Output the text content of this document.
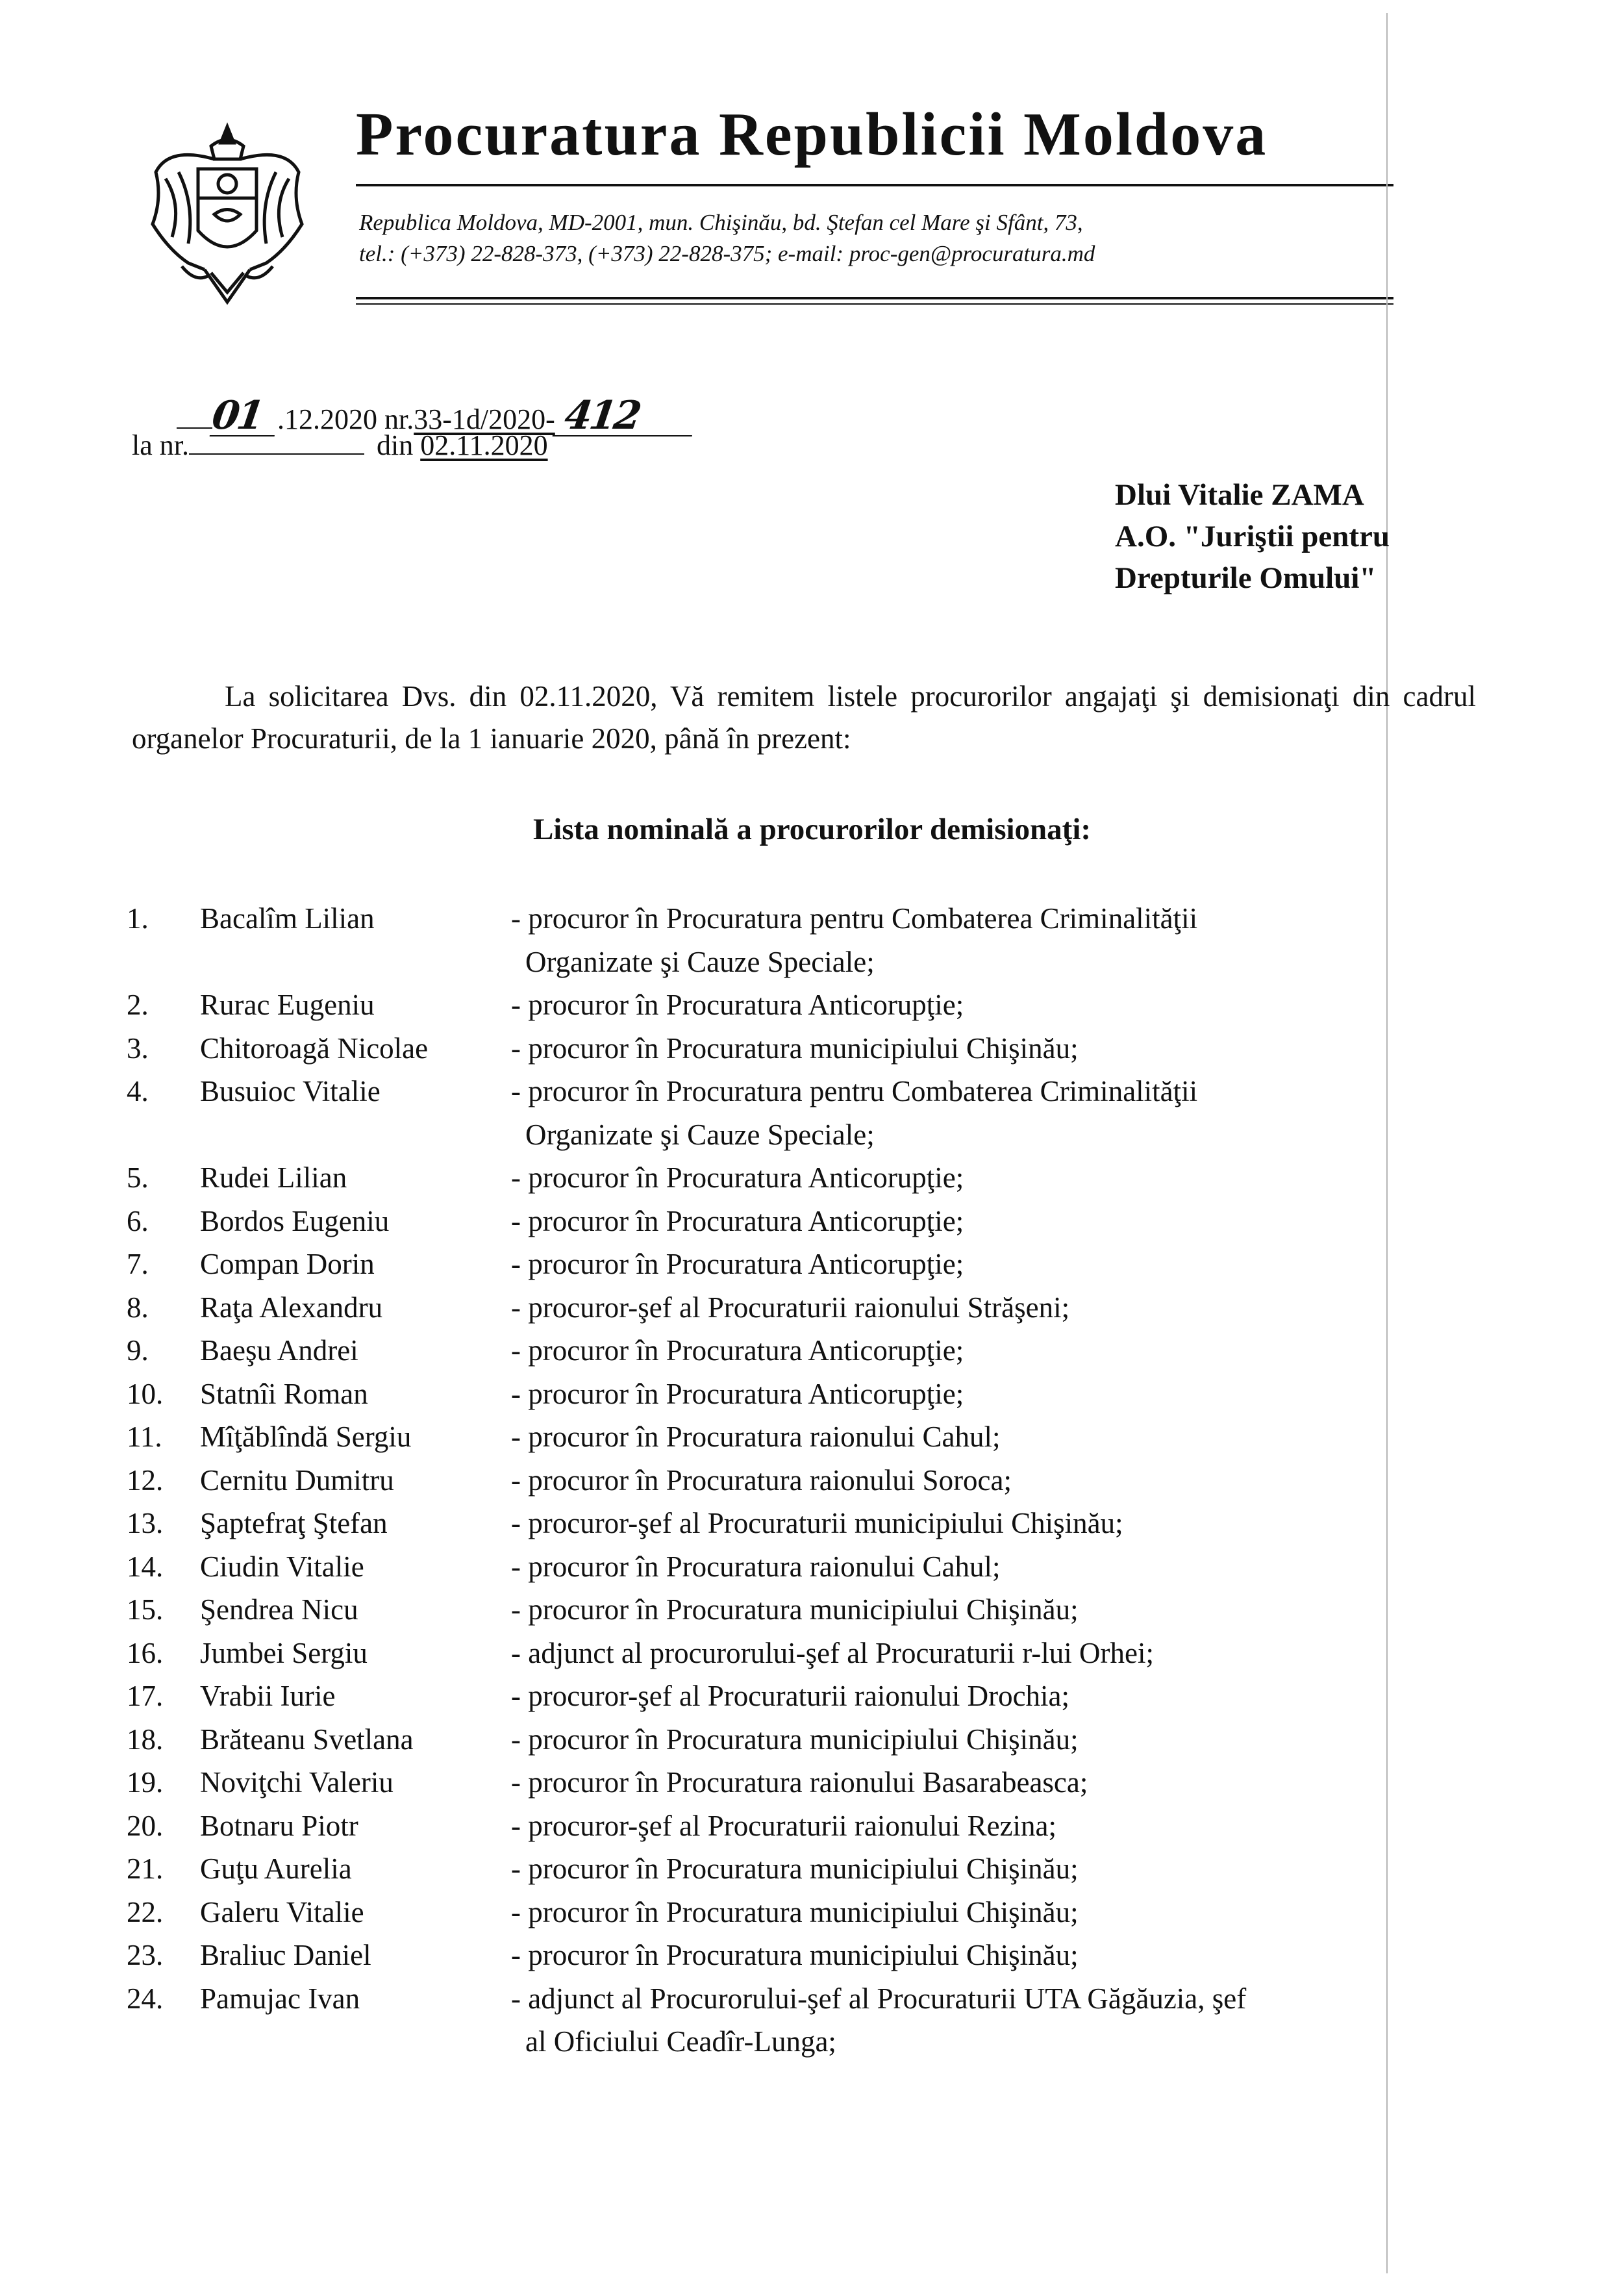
Procuratura Republicii Moldova
Republica Moldova, MD-2001, mun. Chişinău, bd. Ştefan cel Mare şi Sfânt, 73,
tel.: (+373) 22-828-373, (+373) 22-828-375; e-mail: proc-gen@procuratura.md
01 .12.2020 nr.33-1d/2020- 412
la nr.	din 02.11.2020
Dlui Vitalie ZAMA
A.O. "Juriştii pentru
Drepturile Omului"

La solicitarea Dvs. din 02.11.2020, Vă remitem listele procurorilor angajaţi şi demisionaţi din cadrul organelor Procuraturii, de la 1 ianuarie 2020, până în prezent:

Lista nominală a procurorilor demisionaţi:
1.	Bacalîm Lilian	- procuror în Procuratura pentru Combaterea Criminalităţii
Organizate şi Cauze Speciale;
2.	Rurac Eugeniu	- procuror în Procuratura Anticorupţie;
3.	Chitoroagă Nicolae	- procuror în Procuratura municipiului Chişinău;
4.	Busuioc Vitalie	- procuror în Procuratura pentru Combaterea Criminalităţii
Organizate şi Cauze Speciale;
5.	Rudei Lilian	- procuror în Procuratura Anticorupţie;
6.	Bordos Eugeniu	- procuror în Procuratura Anticorupţie;
7.	Compan Dorin	- procuror în Procuratura Anticorupţie;
8.	Raţa Alexandru	- procuror-şef al Procuraturii raionului Străşeni;
9.	Baeşu Andrei	- procuror în Procuratura Anticorupţie;
10.	Statnîi Roman	- procuror în Procuratura Anticorupţie;
11.	Mîţăblîndă Sergiu	- procuror în Procuratura raionului Cahul;
12.	Cernitu Dumitru	- procuror în Procuratura raionului Soroca;
13.	Şaptefraţ Ştefan	- procuror-şef al Procuraturii municipiului Chişinău;
14.	Ciudin Vitalie	- procuror în Procuratura raionului Cahul;
15.	Şendrea Nicu	- procuror în Procuratura municipiului Chişinău;
16.	Jumbei Sergiu	- adjunct al procurorului-şef al Procuraturii r-lui Orhei;
17.	Vrabii Iurie	- procuror-şef al Procuraturii raionului Drochia;
18.	Brăteanu Svetlana	- procuror în Procuratura municipiului Chişinău;
19.	Noviţchi Valeriu	- procuror în Procuratura raionului Basarabeasca;
20.	Botnaru Piotr	- procuror-şef al Procuraturii raionului Rezina;
21.	Guţu Aurelia	- procuror în Procuratura municipiului Chişinău;
22.	Galeru Vitalie	- procuror în Procuratura municipiului Chişinău;
23.	Braliuc Daniel	- procuror în Procuratura municipiului Chişinău;
24.	Pamujac Ivan	- adjunct al Procurorului-şef al Procuraturii UTA Găgăuzia, şef
al Oficiului Ceadîr-Lunga;
